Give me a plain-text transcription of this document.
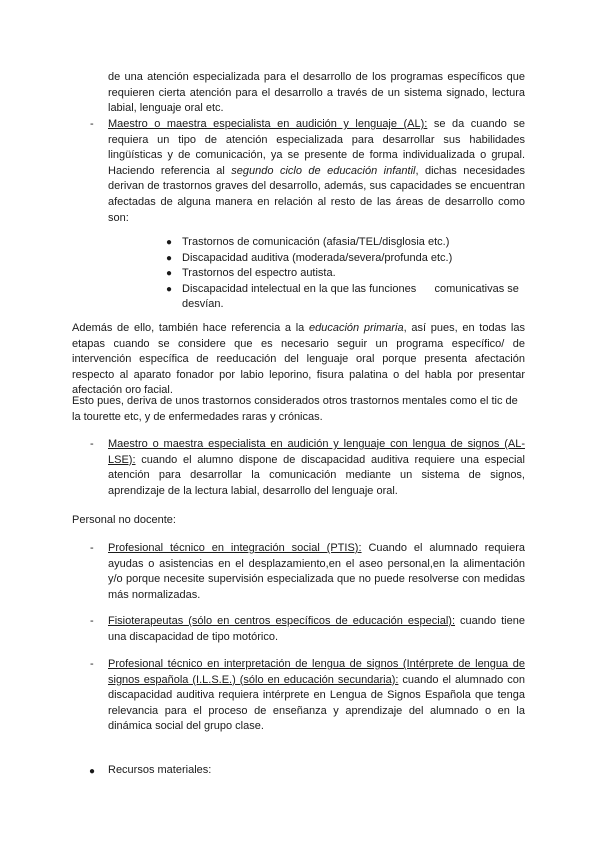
de una atención especializada para el desarrollo de los programas específicos que requieren cierta atención para el desarrollo a través de un sistema signado, lectura labial, lenguaje oral etc.

- Maestro o maestra especialista en audición y lenguaje (AL): se da cuando se requiera un tipo de atención especializada para desarrollar sus habilidades lingüísticas y de comunicación, ya se presente de forma individualizada o grupal. Haciendo referencia al segundo ciclo de educación infantil, dichas necesidades derivan de trastornos graves del desarrollo, además, sus capacidades se encuentran afectadas de alguna manera en relación al resto de las áreas de desarrollo como son:

● Trastornos de comunicación (afasia/TEL/disglosia etc.)
● Discapacidad auditiva (moderada/severa/profunda etc.)
● Trastornos del espectro autista.
● Discapacidad intelectual en la que las funciones      comunicativas se desvían.

Además de ello, también hace referencia a la educación primaria, así pues, en todas las etapas cuando se considere que es necesario seguir un programa específico/ de intervención específica de reeducación del lenguaje oral porque presenta afectación respecto al aparato fonador por labio leporino, fisura palatina o del habla por presentar afectación oro facial.

Esto pues, deriva de unos trastornos considerados otros trastornos mentales como el tic de la tourette etc, y de enfermedades raras y crónicas.

- Maestro o maestra especialista en audición y lenguaje con lengua de signos (AL-LSE): cuando el alumno dispone de discapacidad auditiva requiere una especial atención para desarrollar la comunicación mediante un sistema de signos, aprendizaje de la lectura labial, desarrollo del lenguaje oral.

Personal no docente:

- Profesional técnico en integración social (PTIS): Cuando el alumnado requiera ayudas o asistencias en el desplazamiento,en el aseo personal,en la alimentación y/o porque necesite supervisión especializada que no puede resolverse con medidas más normalizadas.

- Fisioterapeutas (sólo en centros específicos de educación especial): cuando tiene una discapacidad de tipo motórico.

- Profesional técnico en interpretación de lengua de signos (Intérprete de lengua de signos española (I.L.S.E.) (sólo en educación secundaria): cuando el alumnado con discapacidad auditiva requiera intérprete en Lengua de Signos Española que tenga relevancia para el proceso de enseñanza y aprendizaje del alumnado o en la dinámica social del grupo clase.

● Recursos materiales:
